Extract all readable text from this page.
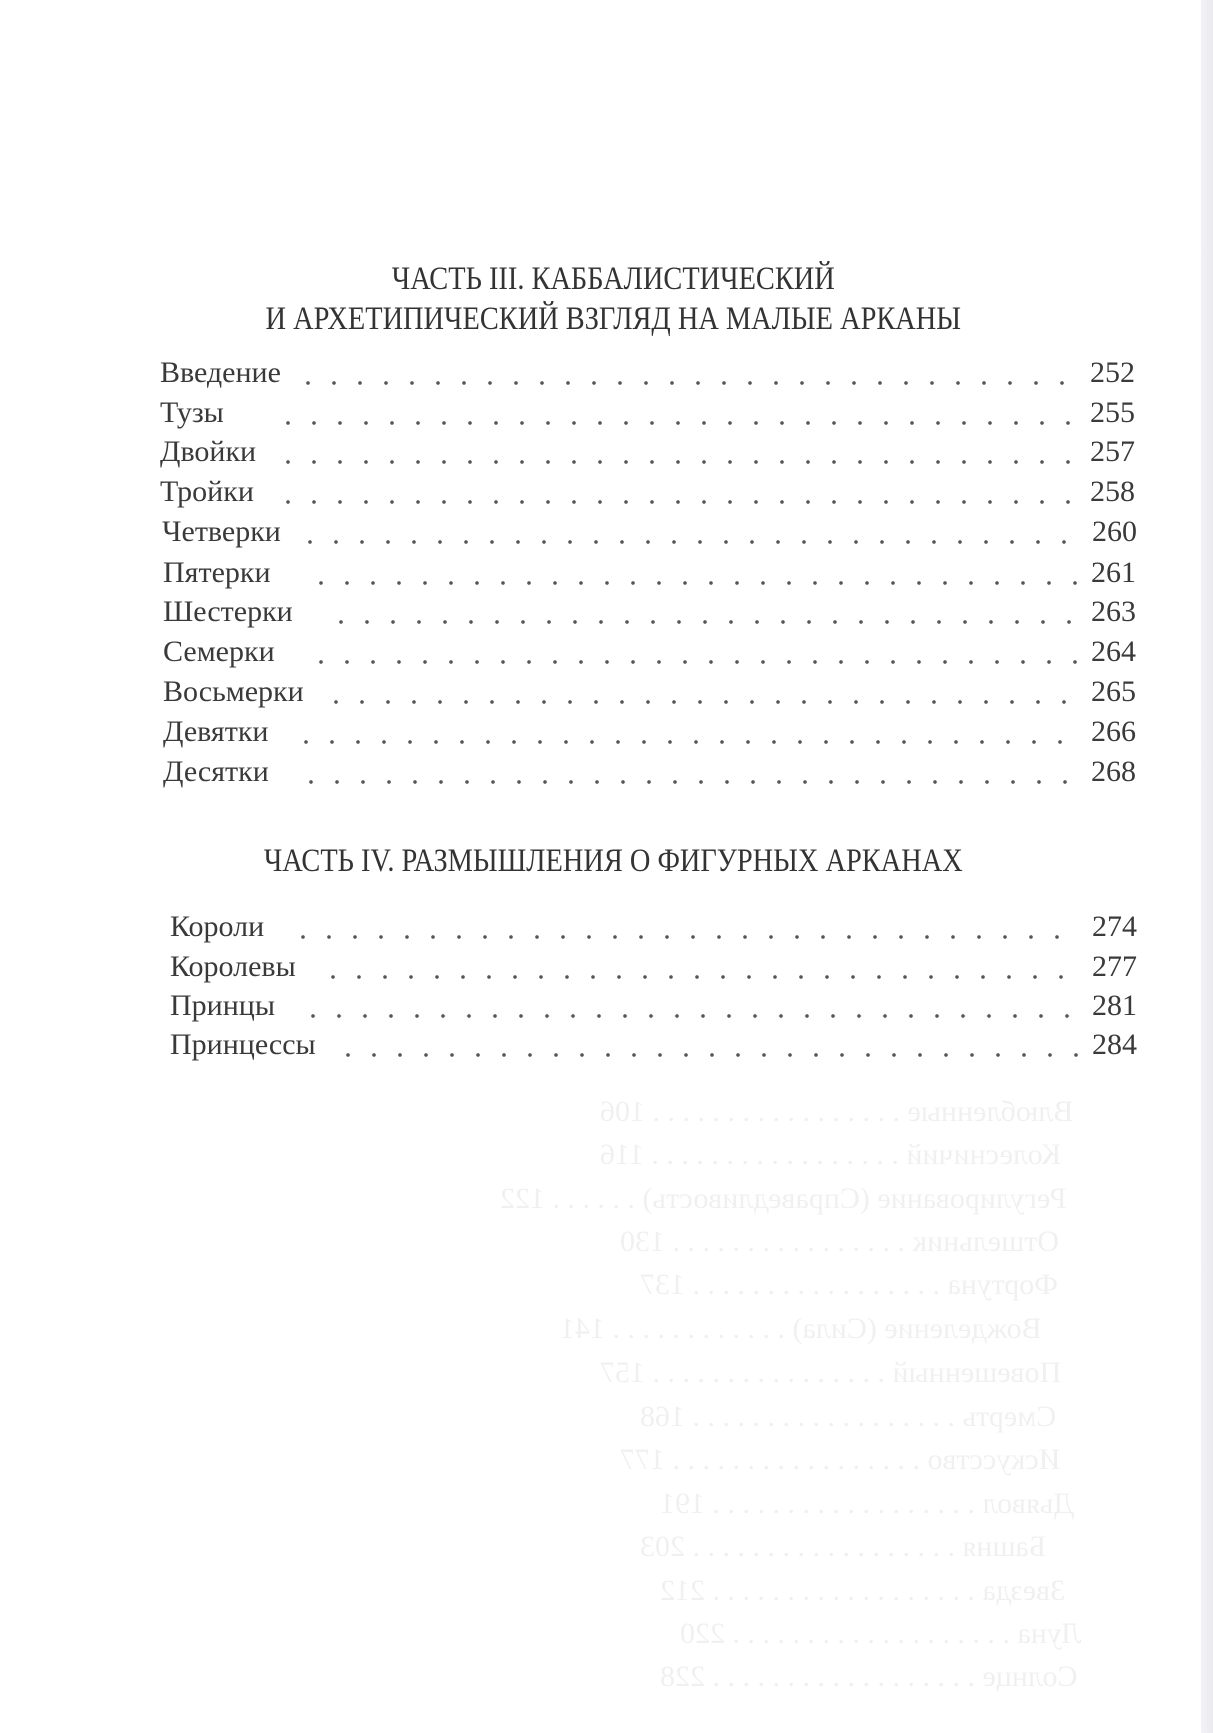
Влюбленные . . . . . . . . . . . . . . . . . 106
Колесничий . . . . . . . . . . . . . . . . . 116
Регулирование (Справедливость) . . . . . . 122
Отшельник . . . . . . . . . . . . . . . . 130
Фортуна . . . . . . . . . . . . . . . . . 137
Вожделение (Сила) . . . . . . . . . . . . 141
Повешенный . . . . . . . . . . . . . . . . 157
Смерть . . . . . . . . . . . . . . . . . . 168
Искусство . . . . . . . . . . . . . . . . . 177
Дьявол . . . . . . . . . . . . . . . . . . 191
Башня . . . . . . . . . . . . . . . . . . 203
Звезда . . . . . . . . . . . . . . . . . . 212
Луна . . . . . . . . . . . . . . . . . . . 220
Солнце . . . . . . . . . . . . . . . . . . 228
ЧАСТЬ III. КАББАЛИСТИЧЕСКИЙ
И АРХЕТИПИЧЕСКИЙ ВЗГЛЯД НА МАЛЫЕ АРКАНЫ
Введение	252
Тузы	255
Двойки	257
Тройки	258
Четверки	260
Пятерки	261
Шестерки	263
Семерки	264
Восьмерки	265
Девятки	266
Десятки	268
ЧАСТЬ IV. РАЗМЫШЛЕНИЯ О ФИГУРНЫХ АРКАНАХ
Короли	274
Королевы	277
Принцы	281
Принцессы	284
